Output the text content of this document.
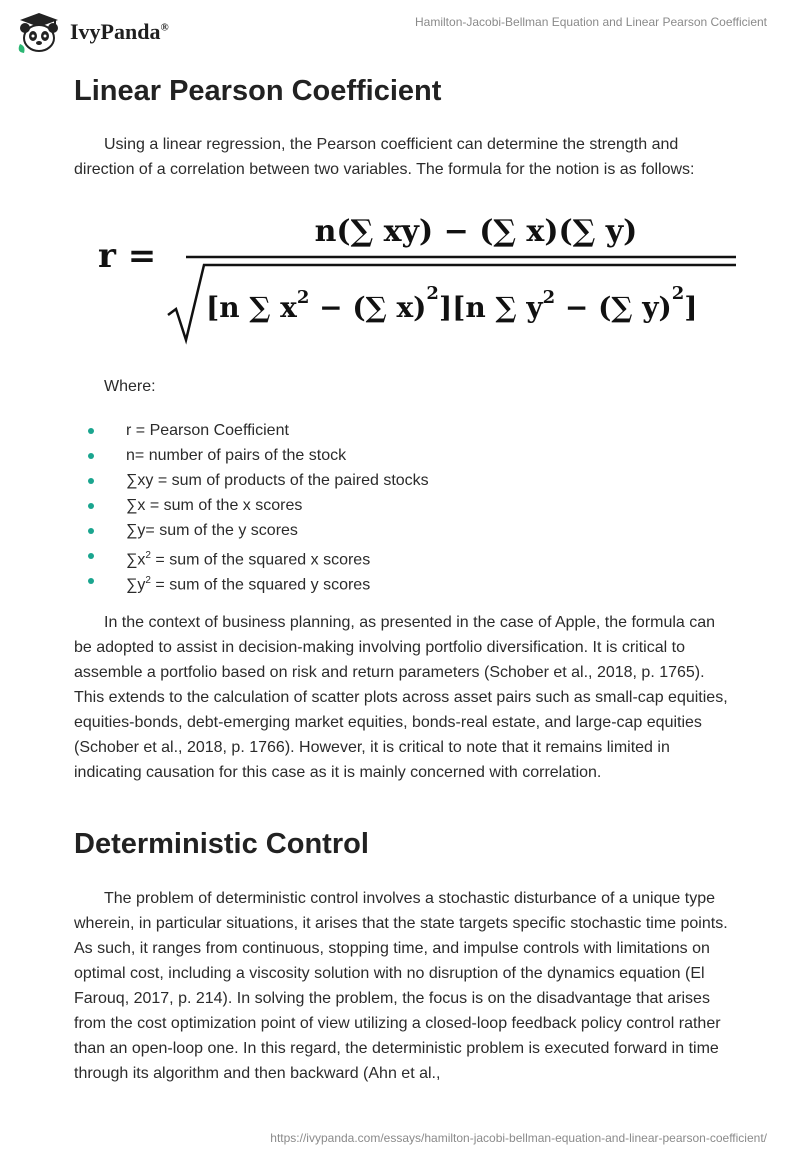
IvyPanda®	Hamilton-Jacobi-Bellman Equation and Linear Pearson Coefficient
Linear Pearson Coefficient

Using a linear regression, the Pearson coefficient can determine the strength and direction of a correlation between two variables. The formula for the notion is as follows:

r =
n(∑ xy) − (∑ x)(∑ y)
[n ∑ $x^2$ − (∑ x)$^2$][n ∑ $y^2$ − (∑ y)$^2$]

Where:

r = Pearson Coefficient
n= number of pairs of the stock
∑xy = sum of products of the paired stocks
∑x = sum of the x scores
∑y= sum of the y scores
$\sum x^2$ = sum of the squared x scores
$\sum y^2$ = sum of the squared y scores

In the context of business planning, as presented in the case of Apple, the formula can be adopted to assist in decision-making involving portfolio diversification. It is critical to assemble a portfolio based on risk and return parameters (Schober et al., 2018, p. 1765). This extends to the calculation of scatter plots across asset pairs such as small-cap equities, equities-bonds, debt-emerging market equities, bonds-real estate, and large-cap equities (Schober et al., 2018, p. 1766). However, it is critical to note that it remains limited in indicating causation for this case as it is mainly concerned with correlation.

Deterministic Control

The problem of deterministic control involves a stochastic disturbance of a unique type wherein, in particular situations, it arises that the state targets specific stochastic time points. As such, it ranges from continuous, stopping time, and impulse controls with limitations on optimal cost, including a viscosity solution with no disruption of the dynamics equation (El Farouq, 2017, p. 214). In solving the problem, the focus is on the disadvantage that arises from the cost optimization point of view utilizing a closed-loop feedback policy control rather than an open-loop one. In this regard, the deterministic problem is executed forward in time through its algorithm and then backward (Ahn et al.,

https://ivypanda.com/essays/hamilton-jacobi-bellman-equation-and-linear-pearson-coefficient/
